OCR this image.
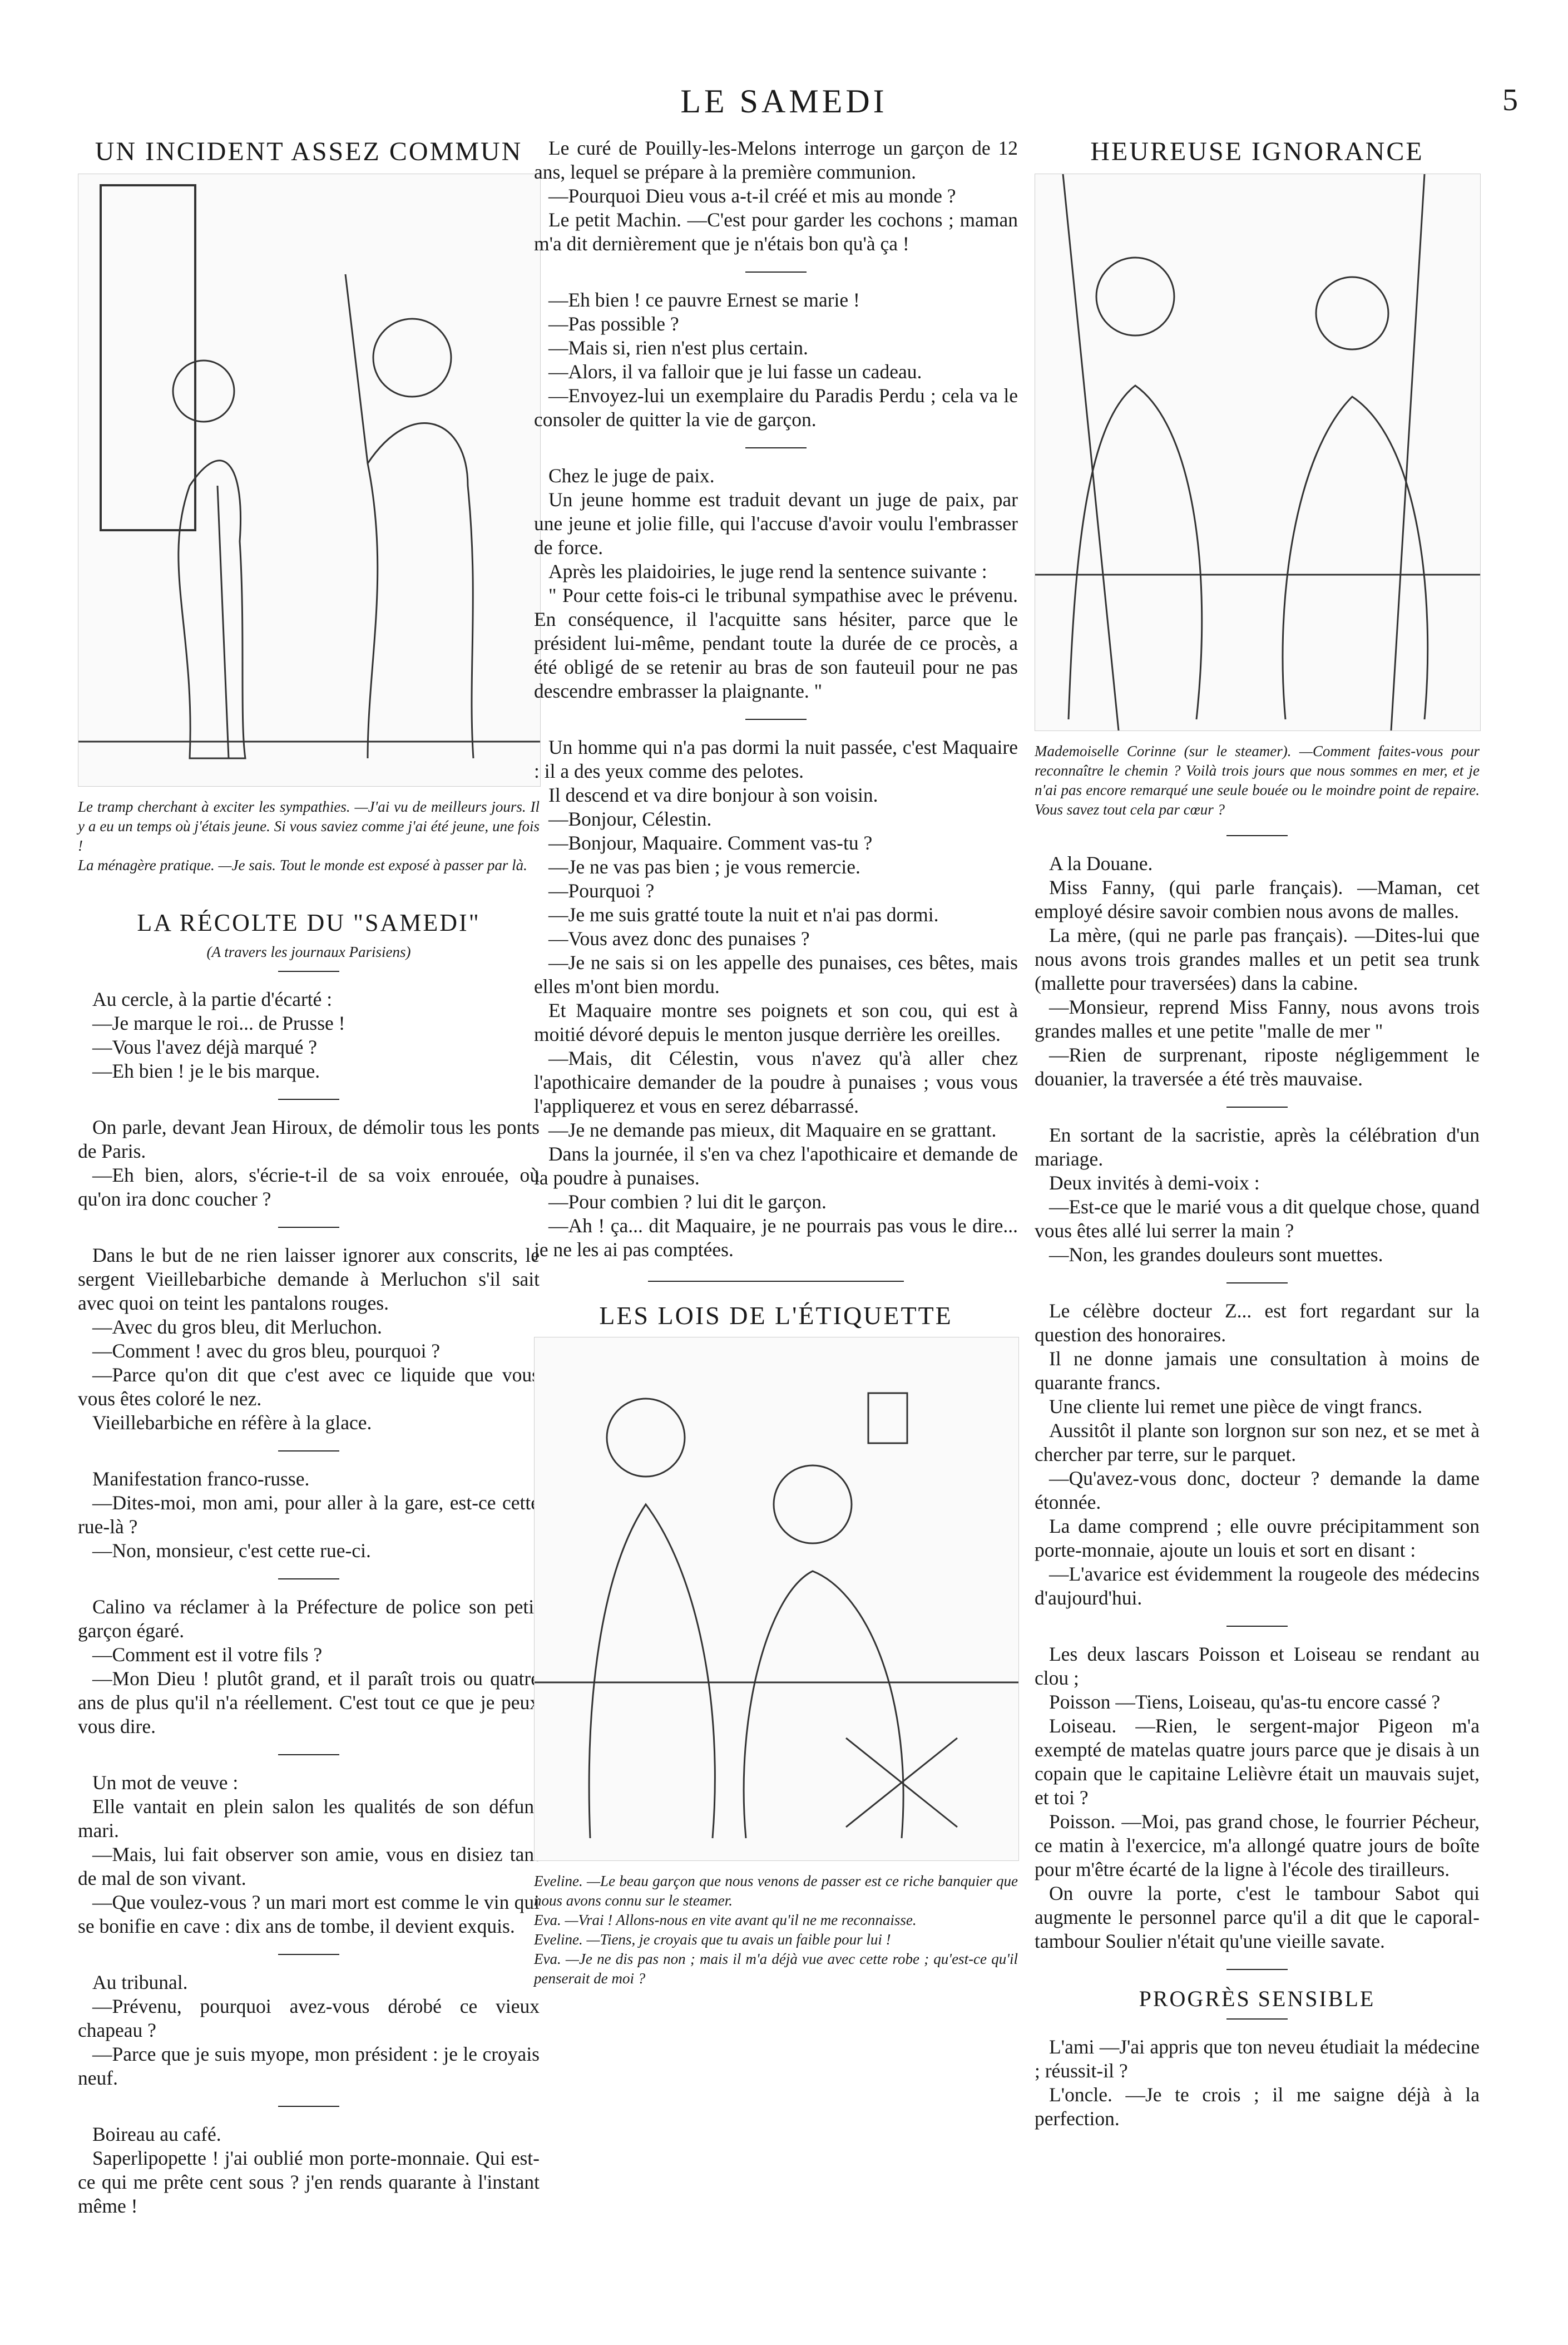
LE SAMEDI	5
UN INCIDENT ASSEZ COMMUN

Le tramp cherchant à exciter les sympathies. —J'ai vu de meilleurs jours. Il y a eu un temps où j'étais jeune. Si vous saviez comme j'ai été jeune, une fois !

La ménagère pratique. —Je sais. Tout le monde est exposé à passer par là.

LA RÉCOLTE DU "SAMEDI"
(A travers les journaux Parisiens)

Au cercle, à la partie d'écarté :

—Je marque le roi... de Prusse !

—Vous l'avez déjà marqué ?

—Eh bien ! je le bis marque.

On parle, devant Jean Hiroux, de démolir tous les ponts de Paris.

—Eh bien, alors, s'écrie-t-il de sa voix enrouée, où qu'on ira donc coucher ?

Dans le but de ne rien laisser ignorer aux conscrits, le sergent Vieillebarbiche demande à Merluchon s'il sait avec quoi on teint les pantalons rouges.

—Avec du gros bleu, dit Merluchon.

—Comment ! avec du gros bleu, pourquoi ?

—Parce qu'on dit que c'est avec ce liquide que vous vous êtes coloré le nez.

Vieillebarbiche en réfère à la glace.

Manifestation franco-russe.

—Dites-moi, mon ami, pour aller à la gare, est-ce cette rue-là ?

—Non, monsieur, c'est cette rue-ci.

Calino va réclamer à la Préfecture de police son petit garçon égaré.

—Comment est il votre fils ?

—Mon Dieu ! plutôt grand, et il paraît trois ou quatre ans de plus qu'il n'a réellement. C'est tout ce que je peux vous dire.

Un mot de veuve :

Elle vantait en plein salon les qualités de son défunt mari.

—Mais, lui fait observer son amie, vous en disiez tant de mal de son vivant.

—Que voulez-vous ? un mari mort est comme le vin qui se bonifie en cave : dix ans de tombe, il devient exquis.

Au tribunal.

—Prévenu, pourquoi avez-vous dérobé ce vieux chapeau ?

—Parce que je suis myope, mon président : je le croyais neuf.

Boireau au café.

Saperlipopette ! j'ai oublié mon porte-monnaie. Qui est-ce qui me prête cent sous ? j'en rends quarante à l'instant même !

Le curé de Pouilly-les-Melons interroge un garçon de 12 ans, lequel se prépare à la première communion.

—Pourquoi Dieu vous a-t-il créé et mis au monde ?

Le petit Machin. —C'est pour garder les cochons ; maman m'a dit dernièrement que je n'étais bon qu'à ça !

—Eh bien ! ce pauvre Ernest se marie !

—Pas possible ?

—Mais si, rien n'est plus certain.

—Alors, il va falloir que je lui fasse un cadeau.

—Envoyez-lui un exemplaire du Paradis Perdu ; cela va le consoler de quitter la vie de garçon.

Chez le juge de paix.

Un jeune homme est traduit devant un juge de paix, par une jeune et jolie fille, qui l'accuse d'avoir voulu l'embrasser de force.

Après les plaidoiries, le juge rend la sentence suivante :

" Pour cette fois-ci le tribunal sympathise avec le prévenu. En conséquence, il l'acquitte sans hésiter, parce que le président lui-même, pendant toute la durée de ce procès, a été obligé de se retenir au bras de son fauteuil pour ne pas descendre embrasser la plaignante. "

Un homme qui n'a pas dormi la nuit passée, c'est Maquaire : il a des yeux comme des pelotes.

Il descend et va dire bonjour à son voisin.

—Bonjour, Célestin.

—Bonjour, Maquaire. Comment vas-tu ?

—Je ne vas pas bien ; je vous remercie.

—Pourquoi ?

—Je me suis gratté toute la nuit et n'ai pas dormi.

—Vous avez donc des punaises ?

—Je ne sais si on les appelle des punaises, ces bêtes, mais elles m'ont bien mordu.

Et Maquaire montre ses poignets et son cou, qui est à moitié dévoré depuis le menton jusque derrière les oreilles.

—Mais, dit Célestin, vous n'avez qu'à aller chez l'apothicaire demander de la poudre à punaises ; vous vous l'appliquerez et vous en serez débarrassé.

—Je ne demande pas mieux, dit Maquaire en se grattant.

Dans la journée, il s'en va chez l'apothicaire et demande de la poudre à punaises.

—Pour combien ? lui dit le garçon.

—Ah ! ça... dit Maquaire, je ne pourrais pas vous le dire... je ne les ai pas comptées.

LES LOIS DE L'ÉTIQUETTE

Eveline. —Le beau garçon que nous venons de passer est ce riche banquier que nous avons connu sur le steamer.

Eva. —Vrai ! Allons-nous en vite avant qu'il ne me reconnaisse.

Eveline. —Tiens, je croyais que tu avais un faible pour lui !

Eva. —Je ne dis pas non ; mais il m'a déjà vue avec cette robe ; qu'est-ce qu'il penserait de moi ?

HEUREUSE IGNORANCE

Mademoiselle Corinne (sur le steamer). —Comment faites-vous pour reconnaître le chemin ? Voilà trois jours que nous sommes en mer, et je n'ai pas encore remarqué une seule bouée ou le moindre point de repaire. Vous savez tout cela par cœur ?

A la Douane.

Miss Fanny, (qui parle français). —Maman, cet employé désire savoir combien nous avons de malles.

La mère, (qui ne parle pas français). —Dites-lui que nous avons trois grandes malles et un petit sea trunk (mallette pour traversées) dans la cabine.

—Monsieur, reprend Miss Fanny, nous avons trois grandes malles et une petite "malle de mer "

—Rien de surprenant, riposte négligemment le douanier, la traversée a été très mauvaise.

En sortant de la sacristie, après la célébration d'un mariage.

Deux invités à demi-voix :

—Est-ce que le marié vous a dit quelque chose, quand vous êtes allé lui serrer la main ?

—Non, les grandes douleurs sont muettes.

Le célèbre docteur Z... est fort regardant sur la question des honoraires.

Il ne donne jamais une consultation à moins de quarante francs.

Une cliente lui remet une pièce de vingt francs.

Aussitôt il plante son lorgnon sur son nez, et se met à chercher par terre, sur le parquet.

—Qu'avez-vous donc, docteur ? demande la dame étonnée.

La dame comprend ; elle ouvre précipitamment son porte-monnaie, ajoute un louis et sort en disant :

—L'avarice est évidemment la rougeole des médecins d'aujourd'hui.

Les deux lascars Poisson et Loiseau se rendant au clou ;

Poisson —Tiens, Loiseau, qu'as-tu encore cassé ?

Loiseau. —Rien, le sergent-major Pigeon m'a exempté de matelas quatre jours parce que je disais à un copain que le capitaine Lelièvre était un mauvais sujet, et toi ?

Poisson. —Moi, pas grand chose, le fourrier Pécheur, ce matin à l'exercice, m'a allongé quatre jours de boîte pour m'être écarté de la ligne à l'école des tirailleurs.

On ouvre la porte, c'est le tambour Sabot qui augmente le personnel parce qu'il a dit que le caporal-tambour Soulier n'était qu'une vieille savate.

PROGRÈS SENSIBLE

L'ami —J'ai appris que ton neveu étudiait la médecine ; réussit-il ?

L'oncle. —Je te crois ; il me saigne déjà à la perfection.
